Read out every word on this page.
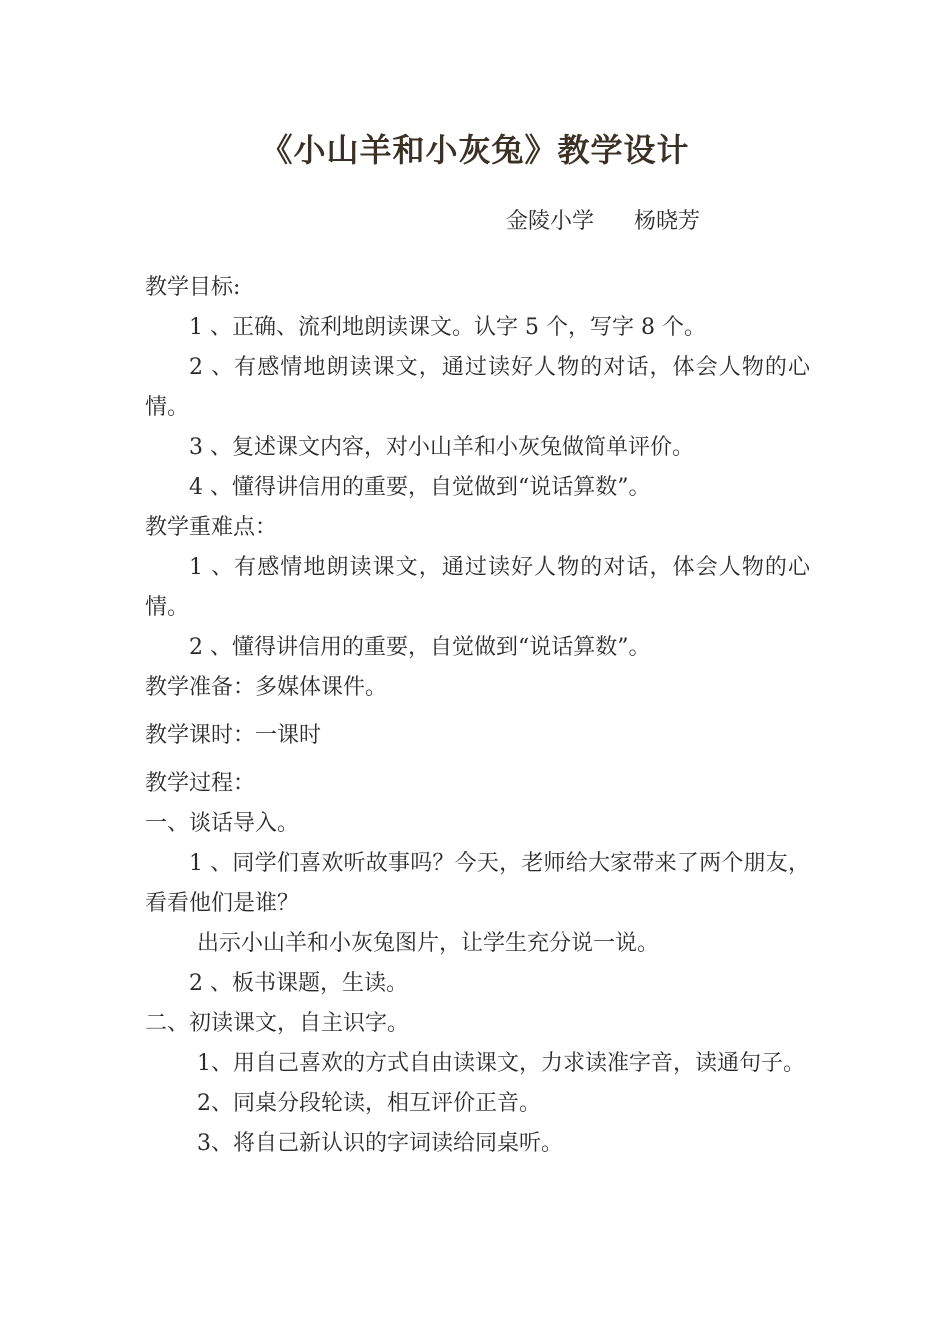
《小山羊和小灰兔》教学设计
金陵小学 杨晓芳

教学目标:

1 、正确、流利地朗读课文。认字 5 个，写字 8 个。

2 、有感情地朗读课文，通过读好人物的对话，体会人物的心情。

3 、复述课文内容，对小山羊和小灰兔做简单评价。

4 、懂得讲信用的重要，自觉做到“说话算数”。

教学重难点：

1 、有感情地朗读课文，通过读好人物的对话，体会人物的心情。

2 、懂得讲信用的重要，自觉做到“说话算数”。

教学准备：多媒体课件。

教学课时：一课时

教学过程：

一、谈话导入。

1 、同学们喜欢听故事吗？今天，老师给大家带来了两个朋友，看看他们是谁？

出示小山羊和小灰兔图片，让学生充分说一说。

2 、板书课题，生读。

二、初读课文，自主识字。

1、用自己喜欢的方式自由读课文，力求读准字音，读通句子。

2、同桌分段轮读，相互评价正音。

3、将自己新认识的字词读给同桌听。
